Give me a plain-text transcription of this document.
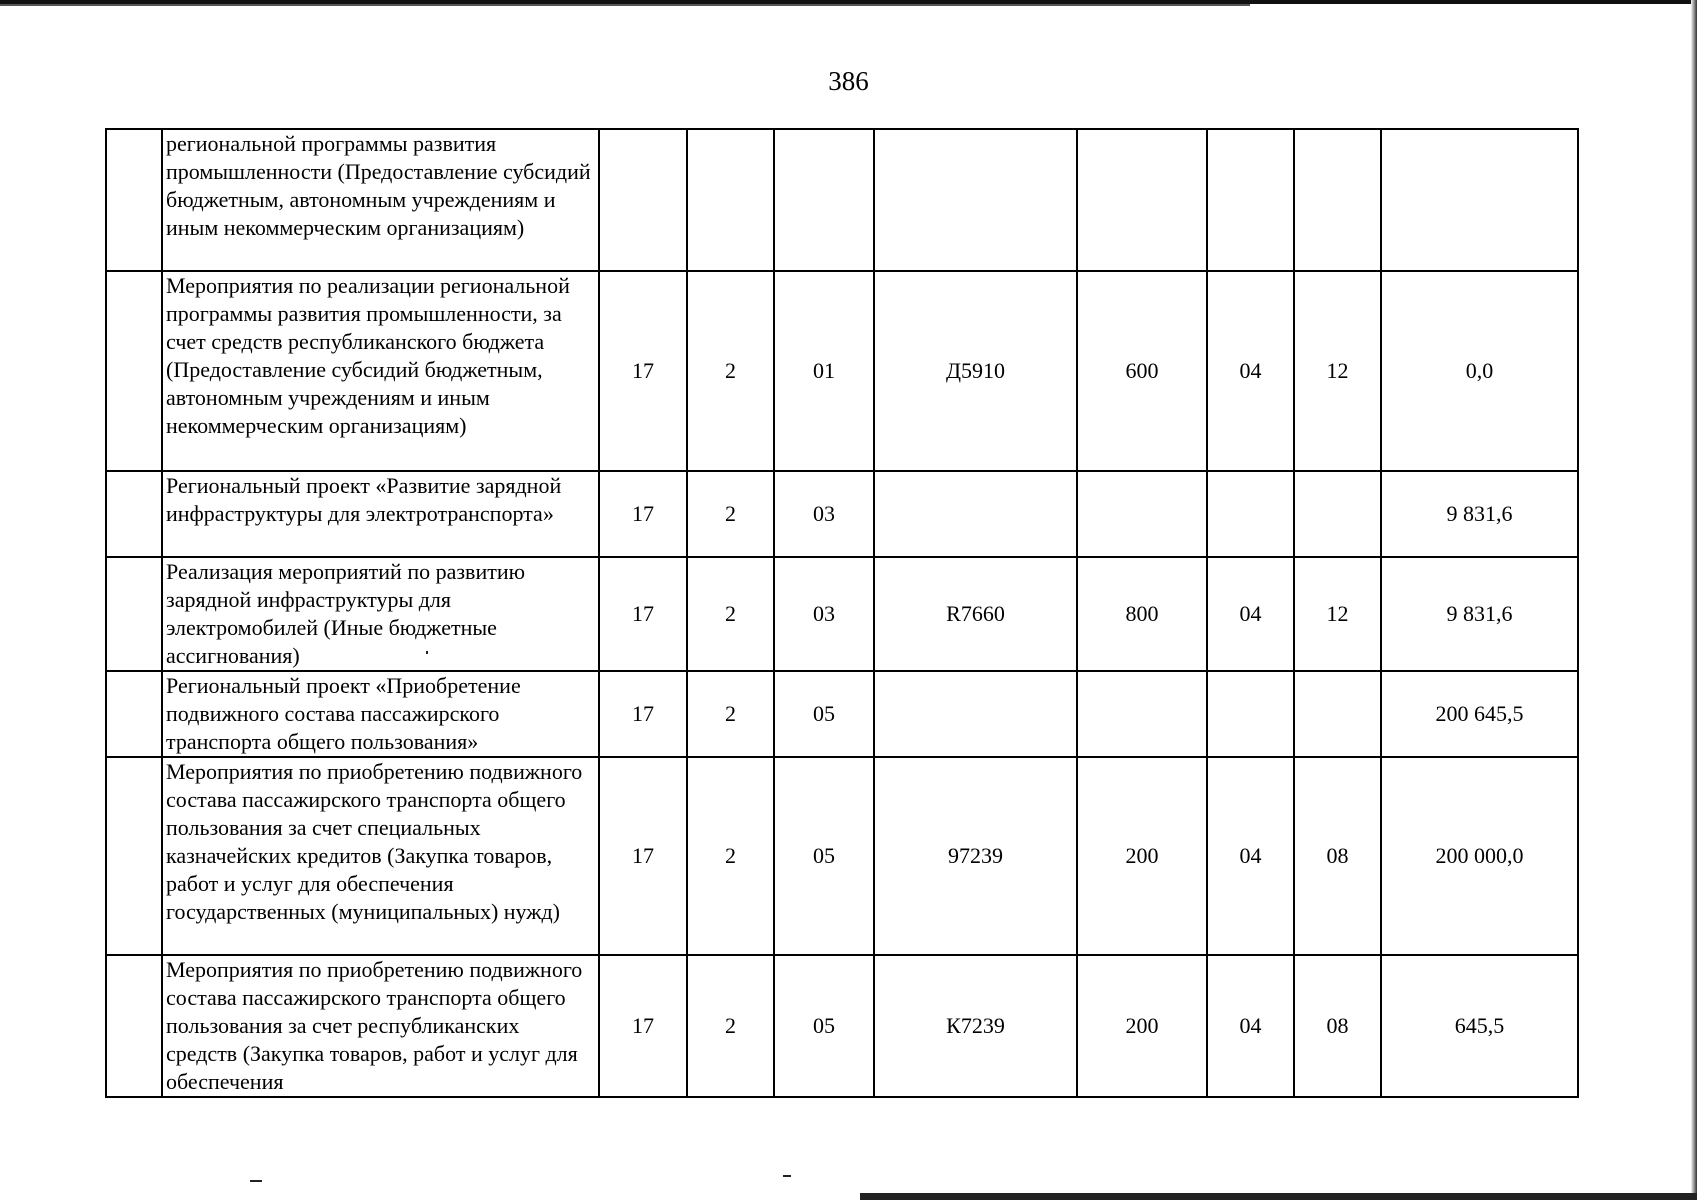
386
	региональной программы развития промышленности (Предоставление субсидий бюджетным, автономным учреждениям и иным некоммерческим организациям)								
	Мероприятия по реализации региональной программы развития промышленности, за счет средств республиканского бюджета (Предоставление субсидий бюджетным, автономным учреждениям и иным некоммерческим организациям)	17	2	01	Д5910	600	04	12	0,0
	Региональный проект «Развитие зарядной инфраструктуры для электротранспорта»	17	2	03					9 831,6
	Реализация мероприятий по развитию зарядной инфраструктуры для электромобилей (Иные бюджетные ассигнования)	17	2	03	R7660	800	04	12	9 831,6
	Региональный проект «Приобретение подвижного состава пассажирского транспорта общего пользования»	17	2	05					200 645,5
	Мероприятия по приобретению подвижного состава пассажирского транспорта общего пользования за счет специальных казначейских кредитов (Закупка товаров, работ и услуг для обеспечения государственных (муниципальных) нужд)	17	2	05	97239	200	04	08	200 000,0
	Мероприятия по приобретению подвижного состава пассажирского транспорта общего пользования за счет республиканских средств (Закупка товаров, работ и услуг для обеспечения	17	2	05	К7239	200	04	08	645,5
